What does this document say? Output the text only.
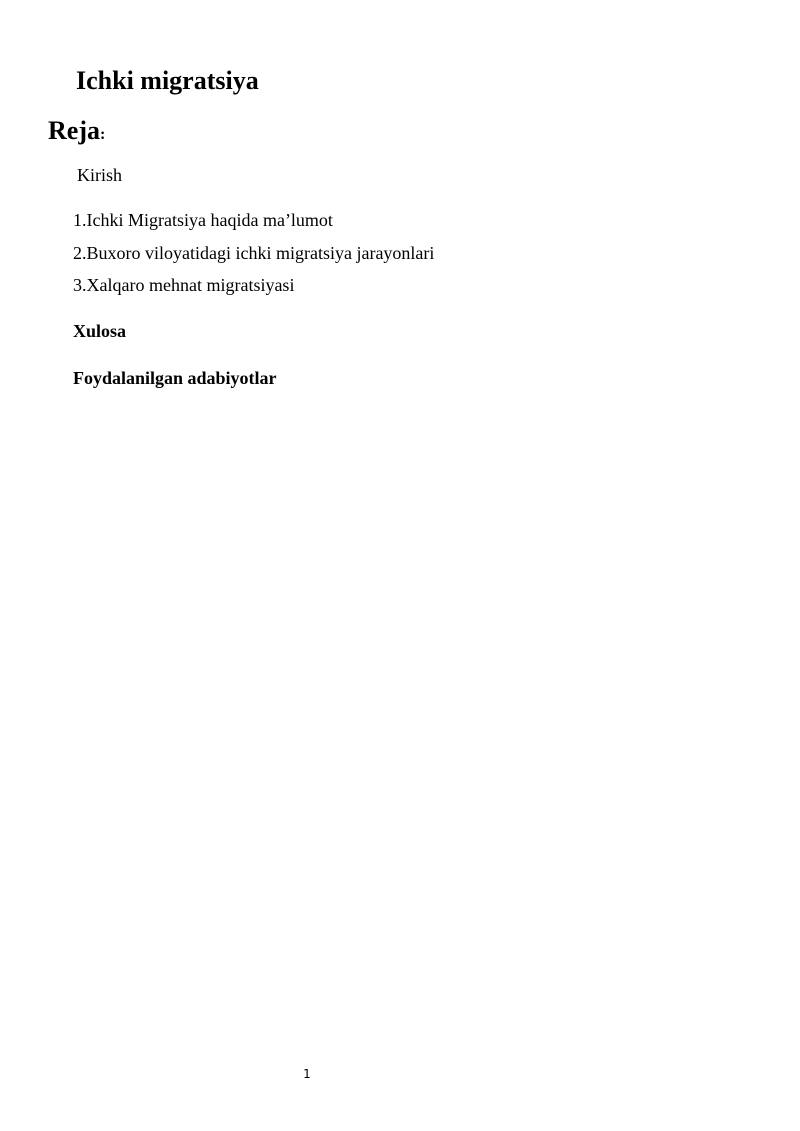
Ichki migratsiya
Reja:

Kirish

1.Ichki Migratsiya haqida ma’lumot
2.Buxoro viloyatidagi ichki migratsiya jarayonlari
3.Xalqaro mehnat migratsiyasi

Xulosa

Foydalanilgan adabiyotlar

1
